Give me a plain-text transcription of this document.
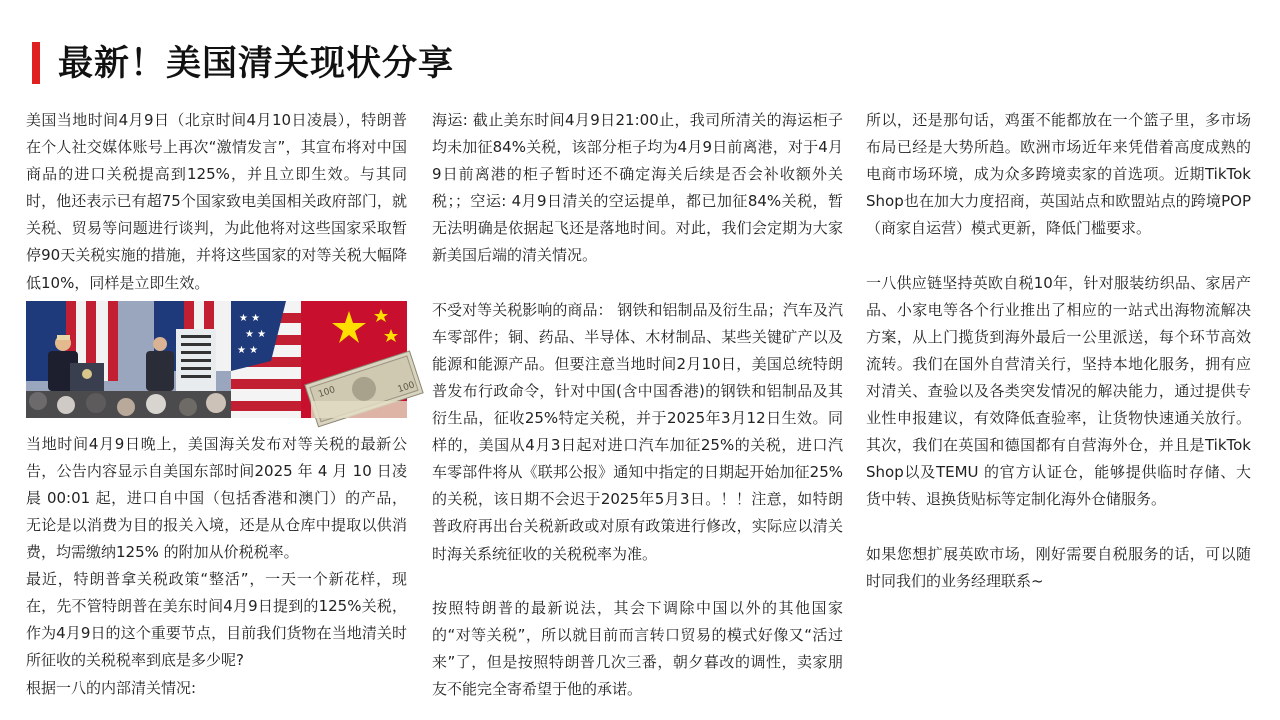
最新！美国清关现状分享

美国当地时间4月9日（北京时间4月10日凌晨），特朗普在个人社交媒体账号上再次“激情发言”，其宣布将对中国商品的进口关税提高到125%，并且立即生效。与其同时，他还表示已有超75个国家致电美国相关政府部门，就关税、贸易等问题进行谈判，为此他将对这些国家采取暂停90天关税实施的措施，并将这些国家的对等关税大幅降低10%，同样是立即生效。

★ ★
★ ★
★ ★
100	100

当地时间4月9日晚上，美国海关发布对等关税的最新公告，公告内容显示自美国东部时间2025 年 4 月 10 日凌晨 00:01 起，进口自中国（包括香港和澳门）的产品，无论是以消费为目的报关入境，还是从仓库中提取以供消费，均需缴纳125% 的附加从价税税率。

最近，特朗普拿关税政策“整活”，一天一个新花样，现在，先不管特朗普在美东时间4月9日提到的125%关税，作为4月9日的这个重要节点，目前我们货物在当地清关时所征收的关税税率到底是多少呢?

根据一八的内部清关情况:

海运: 截止美东时间4月9日21:00止，我司所清关的海运柜子均未加征84%关税，该部分柜子均为4月9日前离港，对于4月9日前离港的柜子暂时还不确定海关后续是否会补收额外关税；；空运: 4月9日清关的空运提单，都已加征84%关税，暂无法明确是依据起飞还是落地时间。对此，我们会定期为大家新美国后端的清关情况。

不受对等关税影响的商品： 钢铁和铝制品及衍生品；汽车及汽车零部件；铜、药品、半导体、木材制品、某些关键矿产以及能源和能源产品。但要注意当地时间2月10日，美国总统特朗普发布行政命令，针对中国(含中国香港)的钢铁和铝制品及其衍生品，征收25%特定关税，并于2025年3月12日生效。同样的，美国从4月3日起对进口汽车加征25%的关税，进口汽车零部件将从《联邦公报》通知中指定的日期起开始加征25%的关税，该日期不会迟于2025年5月3日。！！注意，如特朗普政府再出台关税新政或对原有政策进行修改，实际应以清关时海关系统征收的关税税率为准。

按照特朗普的最新说法，其会下调除中国以外的其他国家的“对等关税”，所以就目前而言转口贸易的模式好像又“活过来”了，但是按照特朗普几次三番，朝夕暮改的调性，卖家朋友不能完全寄希望于他的承诺。

所以，还是那句话，鸡蛋不能都放在一个篮子里，多市场布局已经是大势所趋。欧洲市场近年来凭借着高度成熟的电商市场环境，成为众多跨境卖家的首选项。近期TikTok Shop也在加大力度招商，英国站点和欧盟站点的跨境POP（商家自运营）模式更新，降低门槛要求。

一八供应链坚持英欧自税10年，针对服装纺织品、家居产品、小家电等各个行业推出了相应的一站式出海物流解决方案，从上门揽货到海外最后一公里派送，每个环节高效流转。我们在国外自营清关行，坚持本地化服务，拥有应对清关、查验以及各类突发情况的解决能力，通过提供专业性申报建议，有效降低查验率，让货物快速通关放行。其次，我们在英国和德国都有自营海外仓，并且是TikTok Shop以及TEMU 的官方认证仓，能够提供临时存储、大货中转、退换货贴标等定制化海外仓储服务。

如果您想扩展英欧市场，刚好需要自税服务的话，可以随时同我们的业务经理联系~
